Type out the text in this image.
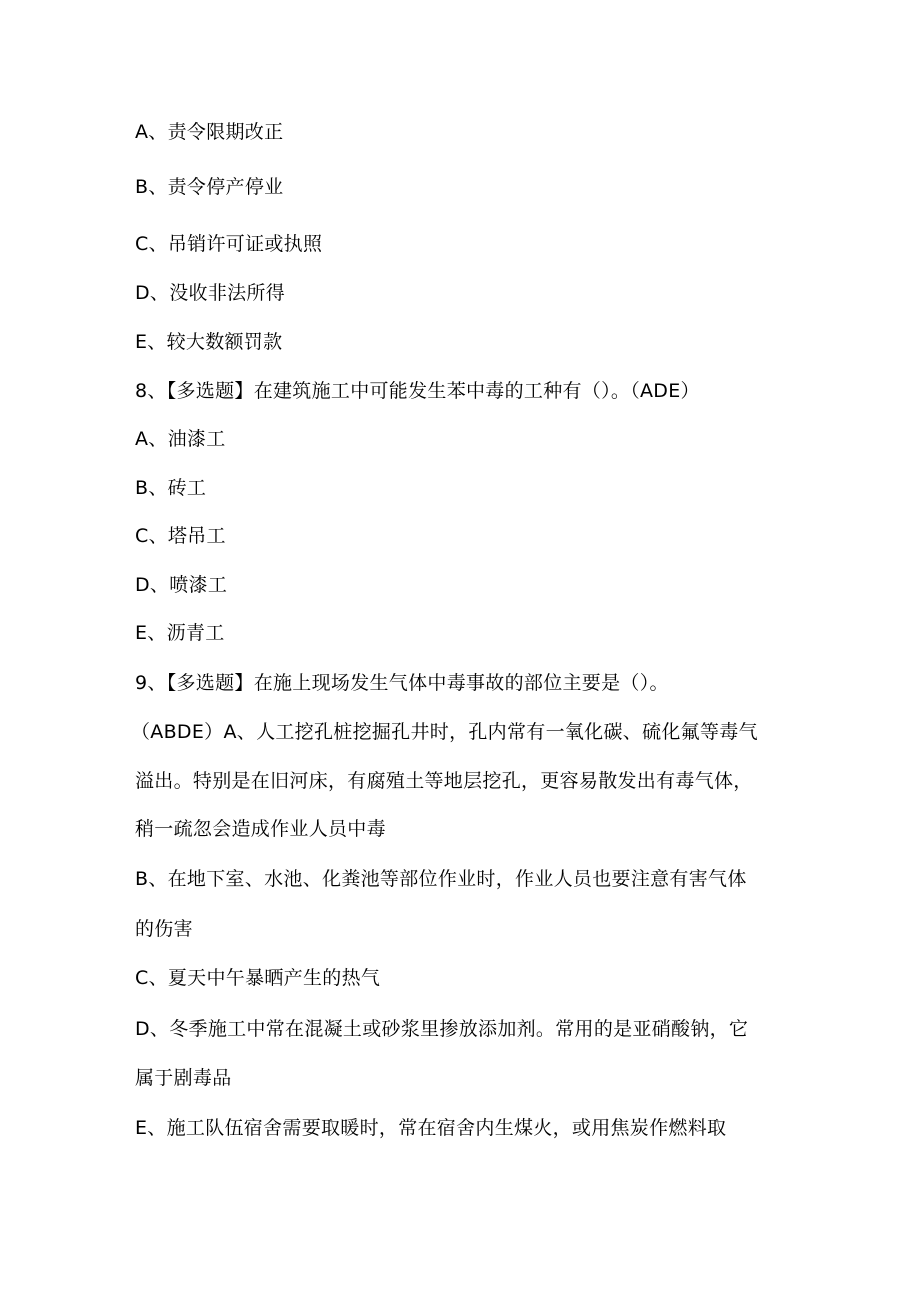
A、责令限期改正
B、责令停产停业
C、吊销许可证或执照
D、没收非法所得
E、较大数额罚款
8、【多选题】在建筑施工中可能发生苯中毒的工种有（）。（ADE）
A、油漆工
B、砖工
C、塔吊工
D、喷漆工
E、沥青工
9、【多选题】在施上现场发生气体中毒事故的部位主要是（）。
（ABDE）A、人工挖孔桩挖掘孔井时，孔内常有一氧化碳、硫化氟等毒气
溢出。特别是在旧河床，有腐殖土等地层挖孔，更容易散发出有毒气体，
稍一疏忽会造成作业人员中毒
B、在地下室、水池、化粪池等部位作业时，作业人员也要注意有害气体
的伤害
C、夏天中午暴晒产生的热气
D、冬季施工中常在混凝土或砂浆里掺放添加剂。常用的是亚硝酸钠，它
属于剧毒品
E、施工队伍宿舍需要取暖时，常在宿舍内生煤火，或用焦炭作燃料取
